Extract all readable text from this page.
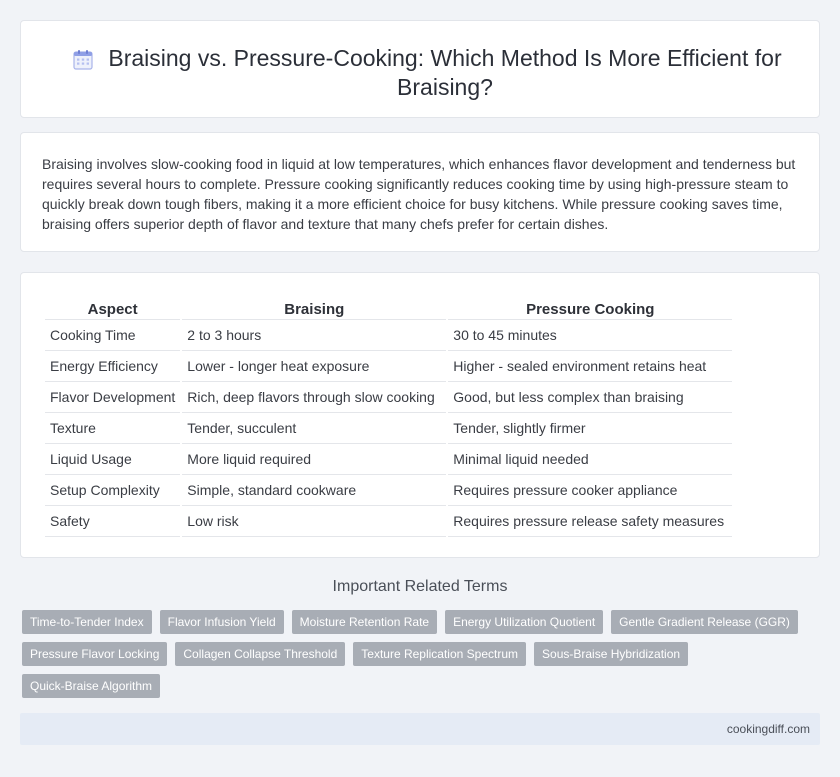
Braising vs. Pressure-Cooking: Which Method Is More Efficient for Braising?

Braising involves slow-cooking food in liquid at low temperatures, which enhances flavor development and tenderness but requires several hours to complete. Pressure cooking significantly reduces cooking time by using high-pressure steam to quickly break down tough fibers, making it a more efficient choice for busy kitchens. While pressure cooking saves time, braising offers superior depth of flavor and texture that many chefs prefer for certain dishes.

Aspect	Braising	Pressure Cooking
Cooking Time	2 to 3 hours	30 to 45 minutes
Energy Efficiency	Lower - longer heat exposure	Higher - sealed environment retains heat
Flavor Development	Rich, deep flavors through slow cooking	Good, but less complex than braising
Texture	Tender, succulent	Tender, slightly firmer
Liquid Usage	More liquid required	Minimal liquid needed
Setup Complexity	Simple, standard cookware	Requires pressure cooker appliance
Safety	Low risk	Requires pressure release safety measures
Important Related Terms
Time-to-Tender Index	Flavor Infusion Yield	Moisture Retention Rate	Energy Utilization Quotient	Gentle Gradient Release (GGR)
Pressure Flavor Locking	Collagen Collapse Threshold	Texture Replication Spectrum	Sous-Braise Hybridization
Quick-Braise Algorithm
cookingdiff.com
